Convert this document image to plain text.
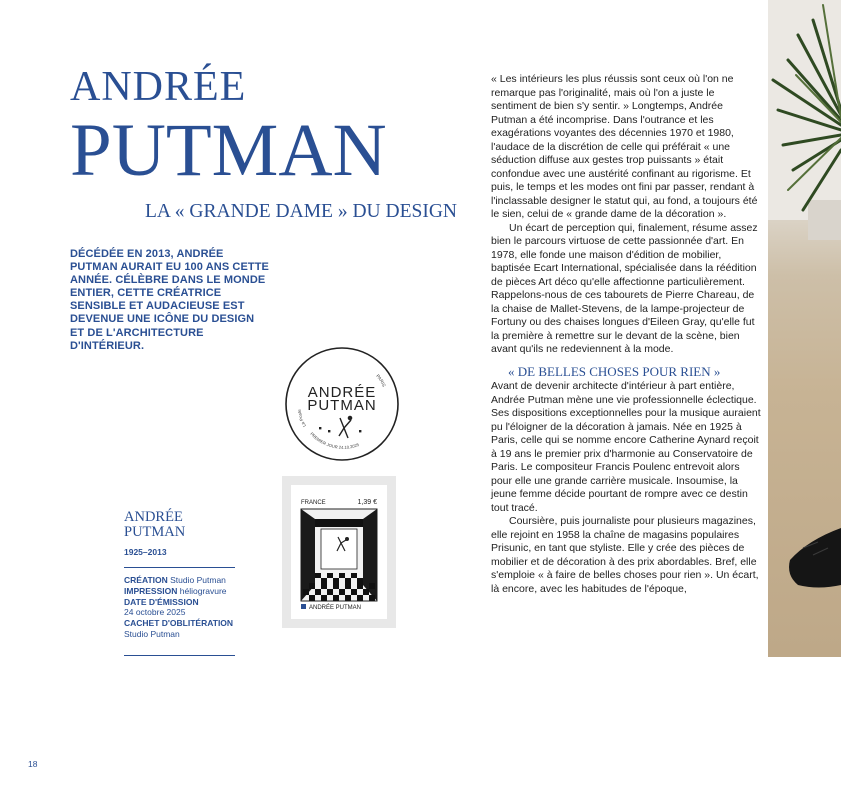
ANDRÉE
PUTMAN
LA « GRANDE DAME » DU DESIGN
DÉCÉDÉE EN 2013, ANDRÉE PUTMAN AURAIT EU 100 ANS CETTE ANNÉE. CÉLÈBRE DANS LE MONDE ENTIER, CETTE CRÉATRICE SENSIBLE ET AUDACIEUSE EST DEVENUE UNE ICÔNE DU DESIGN ET DE L'ARCHITECTURE D'INTÉRIEUR.
ANDRÉE
PUTMAN
La Poste
PARIS
PREMIER JOUR 24.10.2025
FRANCE	1,39 €
ANDRÉE PUTMAN
ANDRÉE
PUTMAN
1925–2013
CRÉATION Studio Putman
IMPRESSION héliogravure
DATE D'ÉMISSION
24 octobre 2025
CACHET D'OBLITÉRATION
Studio Putman

« Les intérieurs les plus réussis sont ceux où l'on ne remarque pas l'originalité, mais où l'on a juste le sentiment de bien s'y sentir. » Longtemps, Andrée Putman a été incomprise. Dans l'outrance et les exagérations voyantes des décennies 1970 et 1980, l'audace de la discrétion de celle qui préférait « une séduction diffuse aux gestes trop puissants » était confondue avec une austérité confinant au rigorisme. Et puis, le temps et les modes ont fini par passer, rendant à l'inclassable designer le statut qui, au fond, a toujours été le sien, celui de « grande dame de la décoration ».

Un écart de perception qui, finalement, résume assez bien le parcours virtuose de cette passionnée d'art. En 1978, elle fonde une maison d'édition de mobilier, baptisée Ecart International, spécialisée dans la réédition de pièces Art déco qu'elle affectionne particulièrement. Rappelons-nous de ces tabourets de Pierre Chareau, de la chaise de Mallet-Stevens, de la lampe-projecteur de Fortuny ou des chaises longues d'Eileen Gray, qu'elle fut la première à remettre sur le devant de la scène, bien avant qu'ils ne redeviennent à la mode.

« DE BELLES CHOSES POUR RIEN »

Avant de devenir architecte d'intérieur à part entière, Andrée Putman mène une vie professionnelle éclectique. Ses dispositions exceptionnelles pour la musique auraient pu l'éloigner de la décoration à jamais. Née en 1925 à Paris, celle qui se nomme encore Catherine Aynard reçoit à 19 ans le premier prix d'harmonie au Conservatoire de Paris. Le compositeur Francis Poulenc entrevoit alors pour elle une grande carrière musicale. Insoumise, la jeune femme décide pourtant de rompre avec ce destin tout tracé.

Coursière, puis journaliste pour plusieurs magazines, elle rejoint en 1958 la chaîne de magasins populaires Prisunic, en tant que styliste. Elle y crée des pièces de mobilier et de décoration à des prix abordables. Bref, elle s'emploie « à faire de belles choses pour rien ». Un écart, là encore, avec les habitudes de l'époque,

18
